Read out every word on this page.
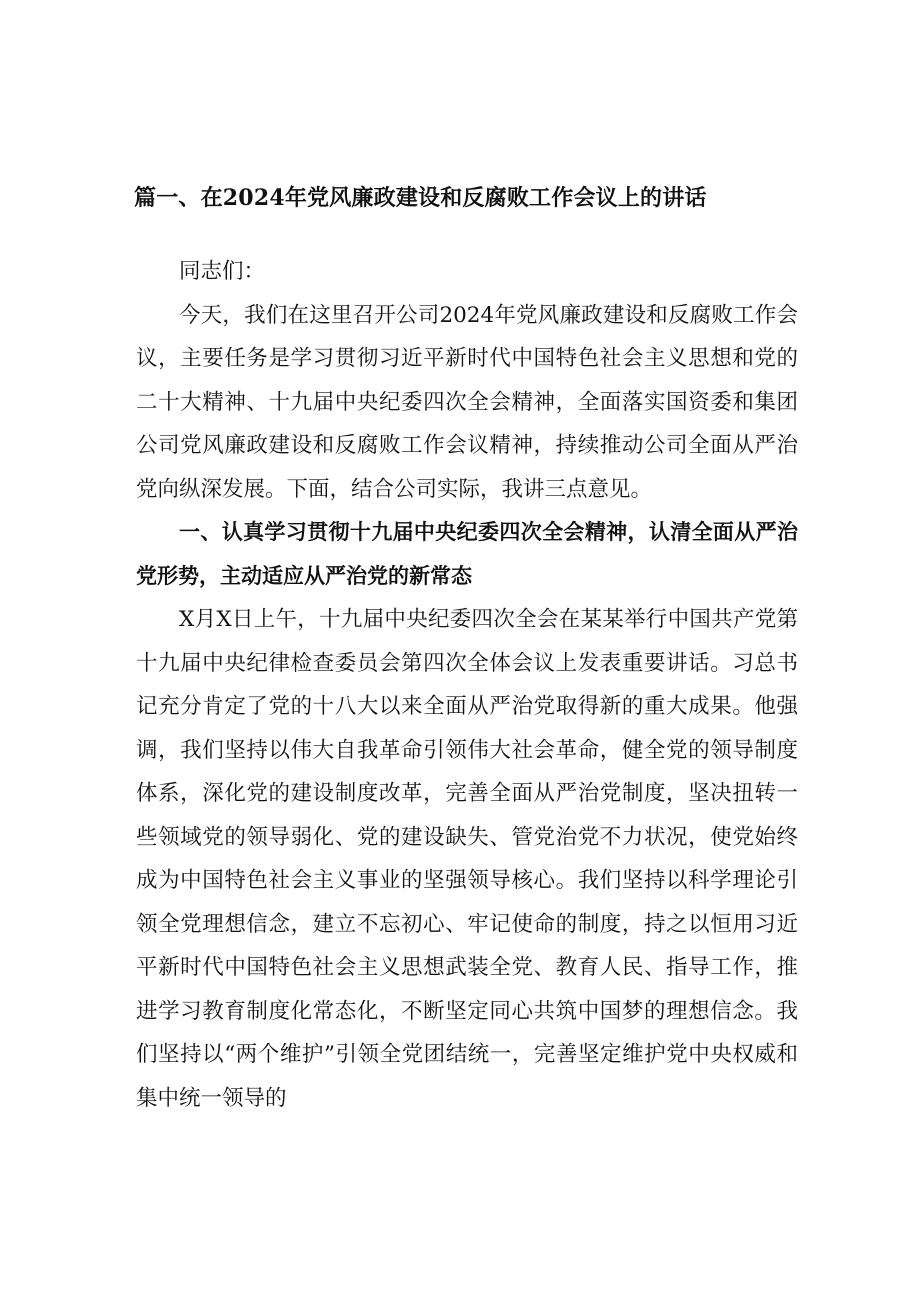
篇一、在2024年党风廉政建设和反腐败工作会议上的讲话

同志们：

今天，我们在这里召开公司2024年党风廉政建设和反腐败工作会议，主要任务是学习贯彻习近平新时代中国特色社会主义思想和党的二十大精神、十九届中央纪委四次全会精神，全面落实国资委和集团公司党风廉政建设和反腐败工作会议精神，持续推动公司全面从严治党向纵深发展。下面，结合公司实际，我讲三点意见。

一、认真学习贯彻十九届中央纪委四次全会精神，认清全面从严治党形势，主动适应从严治党的新常态

X月X日上午，十九届中央纪委四次全会在某某举行中国共产党第十九届中央纪律检查委员会第四次全体会议上发表重要讲话。习总书记充分肯定了党的十八大以来全面从严治党取得新的重大成果。他强调，我们坚持以伟大自我革命引领伟大社会革命，健全党的领导制度体系，深化党的建设制度改革，完善全面从严治党制度，坚决扭转一些领域党的领导弱化、党的建设缺失、管党治党不力状况，使党始终成为中国特色社会主义事业的坚强领导核心。我们坚持以科学理论引领全党理想信念，建立不忘初心、牢记使命的制度，持之以恒用习近平新时代中国特色社会主义思想武装全党、教育人民、指导工作，推进学习教育制度化常态化，不断坚定同心共筑中国梦的理想信念。我们坚持以“两个维护”引领全党团结统一，完善坚定维护党中央权威和集中统一领导的
